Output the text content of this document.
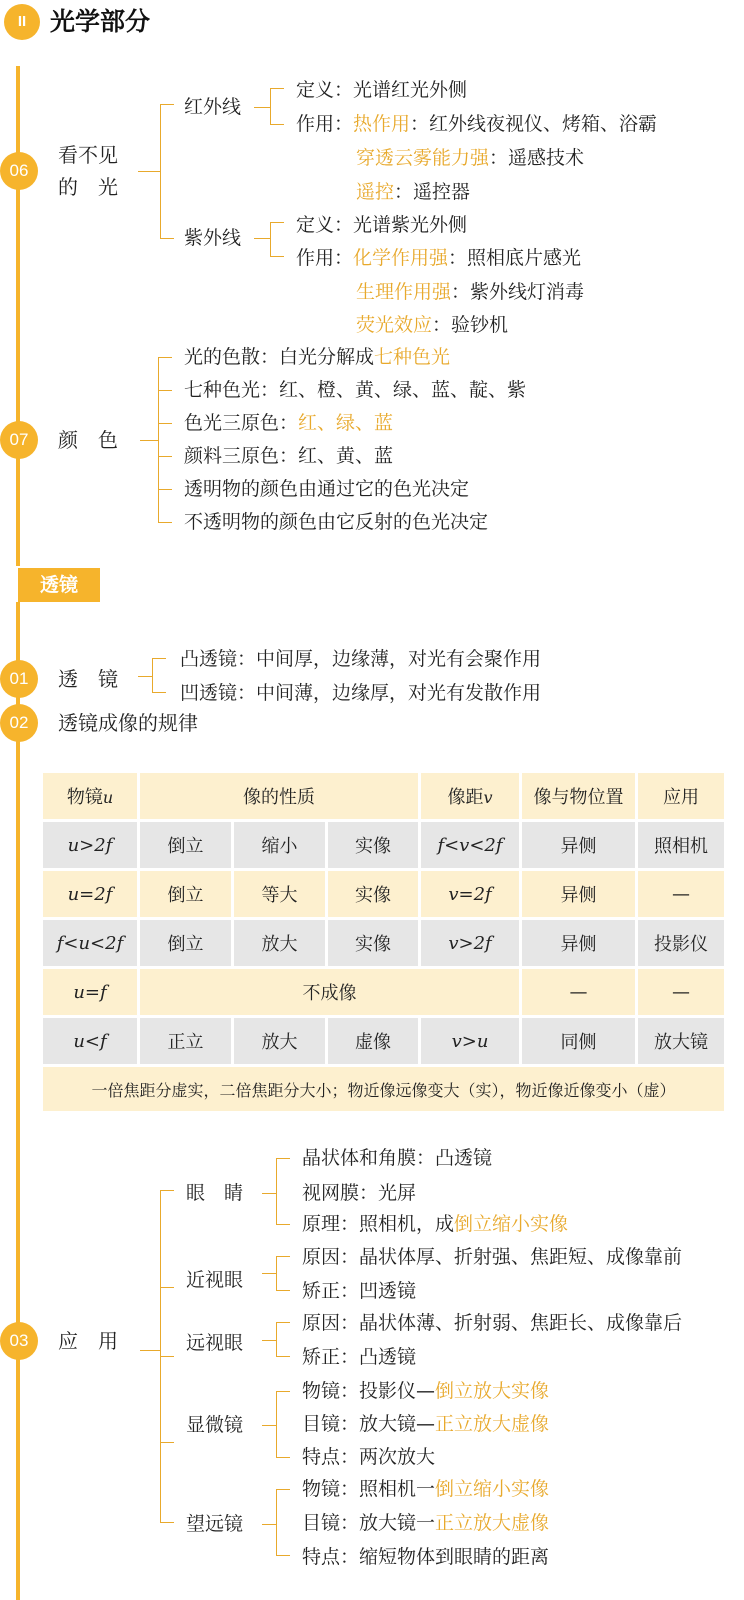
II 光学部分
06
看不见
的　光
红外线
定义：光谱红光外侧
作用：热作用：红外线夜视仪、烤箱、浴霸
穿透云雾能力强：遥感技术
遥控：遥控器
紫外线
定义：光谱紫光外侧
作用：化学作用强：照相底片感光
生理作用强：紫外线灯消毒
荧光效应：验钞机
07	颜　色
光的色散：白光分解成七种色光
七种色光：红、橙、黄、绿、蓝、靛、紫
色光三原色：红、绿、蓝
颜料三原色：红、黄、蓝
透明物的颜色由通过它的色光决定
不透明物的颜色由它反射的色光决定
透镜
01	透　镜
凸透镜：中间厚，边缘薄，对光有会聚作用
凹透镜：中间薄，边缘厚，对光有发散作用
02	透镜成像的规律
物镜u	像的性质			像距v	像与物位置	应用
u>2f	倒立	缩小	实像	f<v<2f	异侧	照相机
u=2f	倒立	等大	实像	v=2f	异侧	—
f<u<2f	倒立	放大	实像	v>2f	异侧	投影仪
u=f	不成像				—	—
u<f	正立	放大	虚像	v>u	同侧	放大镜
一倍焦距分虚实，二倍焦距分大小；物近像远像变大（实），物近像近像变小（虚）						
03	应　用
眼　睛
晶状体和角膜：凸透镜
视网膜：光屏
原理：照相机，成倒立缩小实像
近视眼
原因：晶状体厚、折射强、焦距短、成像靠前
矫正：凹透镜
远视眼
原因：晶状体薄、折射弱、焦距长、成像靠后
矫正：凸透镜
显微镜
物镜：投影仪—倒立放大实像
目镜：放大镜—正立放大虚像
特点：两次放大
望远镜
物镜：照相机一倒立缩小实像
目镜：放大镜一正立放大虚像
特点：缩短物体到眼睛的距离
